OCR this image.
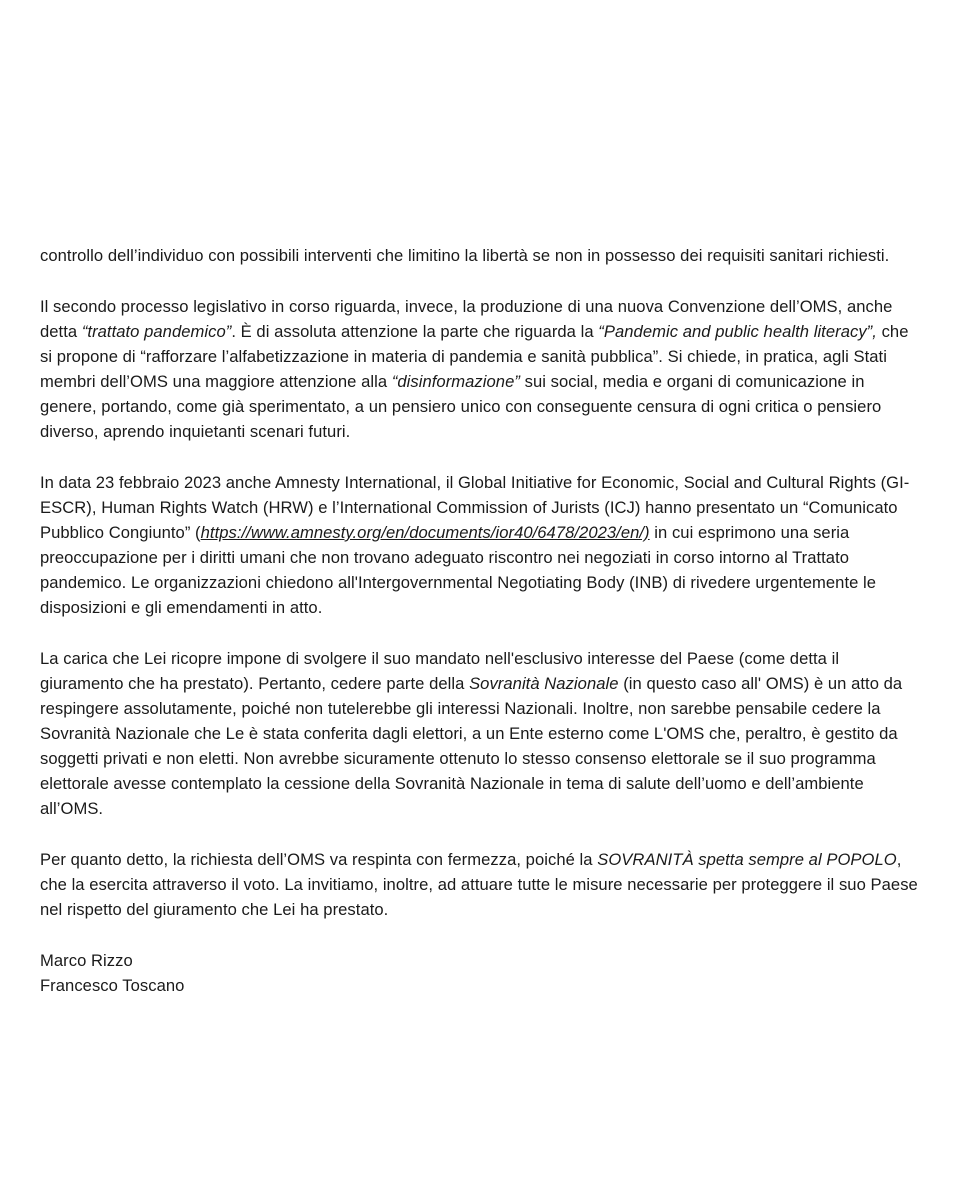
controllo dell’individuo con possibili interventi che limitino la libertà se non in possesso dei requisiti sanitari richiesti.

Il secondo processo legislativo in corso riguarda, invece, la produzione di una nuova Convenzione dell’OMS, anche detta “trattato pandemico”. È di assoluta attenzione la parte che riguarda la “Pandemic and public health literacy”, che si propone di “rafforzare l’alfabetizzazione in materia di pandemia e sanità pubblica”. Si chiede, in pratica, agli Stati membri dell’OMS una maggiore attenzione alla “disinformazione” sui social, media e organi di comunicazione in genere, portando, come già sperimentato, a un pensiero unico con conseguente censura di ogni critica o pensiero diverso, aprendo inquietanti scenari futuri.

In data 23 febbraio 2023 anche Amnesty International, il Global Initiative for Economic, Social and Cultural Rights (GI-ESCR), Human Rights Watch (HRW) e l’International Commission of Jurists (ICJ) hanno presentato un “Comunicato Pubblico Congiunto” (https://www.amnesty.org/en/documents/ior40/6478/2023/en/) in cui esprimono una seria preoccupazione per i diritti umani che non trovano adeguato riscontro nei negoziati in corso intorno al Trattato pandemico. Le organizzazioni chiedono all'Intergovernmental Negotiating Body (INB) di rivedere urgentemente le disposizioni e gli emendamenti in atto.

La carica che Lei ricopre impone di svolgere il suo mandato nell'esclusivo interesse del Paese (come detta il giuramento che ha prestato). Pertanto, cedere parte della Sovranità Nazionale (in questo caso all' OMS) è un atto da respingere assolutamente, poiché non tutelerebbe gli interessi Nazionali. Inoltre, non sarebbe pensabile cedere la Sovranità Nazionale che Le è stata conferita dagli elettori, a un Ente esterno come L'OMS che, peraltro, è gestito da soggetti privati e non eletti. Non avrebbe sicuramente ottenuto lo stesso consenso elettorale se il suo programma elettorale avesse contemplato la cessione della Sovranità Nazionale in tema di salute dell’uomo e dell’ambiente all’OMS.

Per quanto detto, la richiesta dell’OMS va respinta con fermezza, poiché la SOVRANITÀ spetta sempre al POPOLO, che la esercita attraverso il voto. La invitiamo, inoltre, ad attuare tutte le misure necessarie per proteggere il suo Paese nel rispetto del giuramento che Lei ha prestato.

Marco Rizzo
Francesco Toscano
